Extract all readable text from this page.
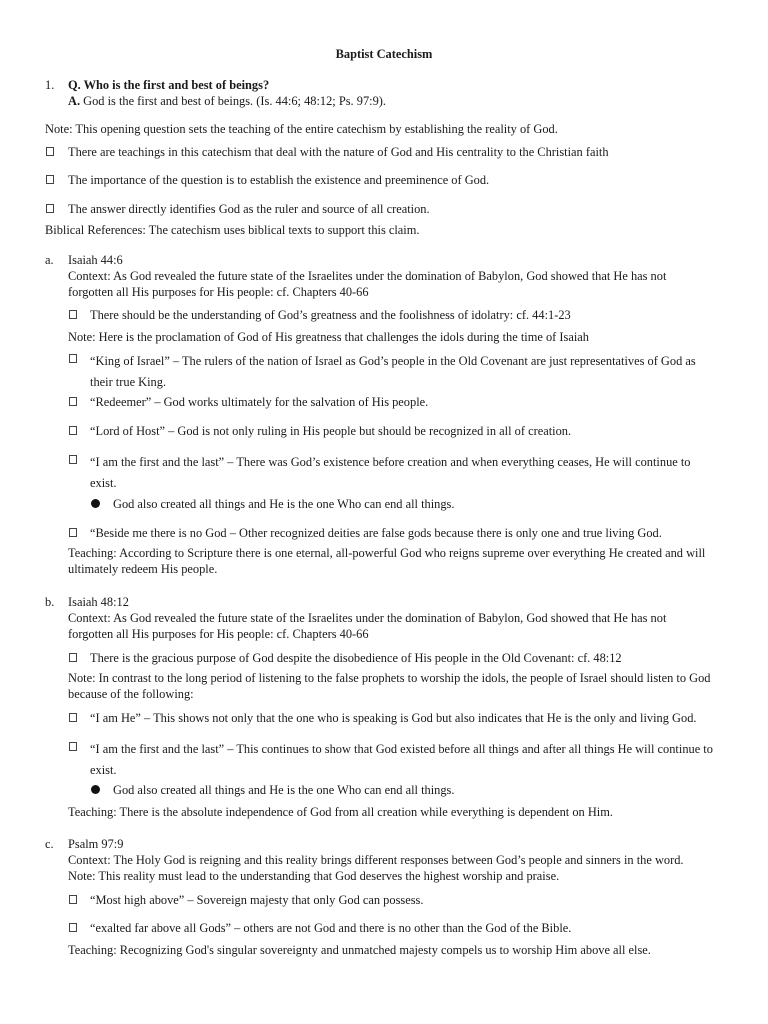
Baptist Catechism
1. Q. Who is the first and best of beings?
A. God is the first and best of beings. (Is. 44:6; 48:12; Ps. 97:9).
Note: This opening question sets the teaching of the entire catechism by establishing the reality of God.
There are teachings in this catechism that deal with the nature of God and His centrality to the Christian faith
The importance of the question is to establish the existence and preeminence of God.
The answer directly identifies God as the ruler and source of all creation.
Biblical References: The catechism uses biblical texts to support this claim.
a. Isaiah 44:6
Context: As God revealed the future state of the Israelites under the domination of Babylon, God showed that He has not forgotten all His purposes for His people: cf. Chapters 40-66
There should be the understanding of God’s greatness and the foolishness of idolatry: cf. 44:1-23
Note: Here is the proclamation of God of His greatness that challenges the idols during the time of Isaiah
“King of Israel” – The rulers of the nation of Israel as God’s people in the Old Covenant are just representatives of God as their true King.
“Redeemer” – God works ultimately for the salvation of His people.
“Lord of Host” – God is not only ruling in His people but should be recognized in all of creation.
“I am the first and the last” – There was God’s existence before creation and when everything ceases, He will continue to exist.
God also created all things and He is the one Who can end all things.
“Beside me there is no God – Other recognized deities are false gods because there is only one and true living God.
Teaching: According to Scripture there is one eternal, all-powerful God who reigns supreme over everything He created and will ultimately redeem His people.
b. Isaiah 48:12
Context: As God revealed the future state of the Israelites under the domination of Babylon, God showed that He has not forgotten all His purposes for His people: cf. Chapters 40-66
There is the gracious purpose of God despite the disobedience of His people in the Old Covenant: cf. 48:12
Note: In contrast to the long period of listening to the false prophets to worship the idols, the people of Israel should listen to God because of the following:
“I am He” – This shows not only that the one who is speaking is God but also indicates that He is the only and living God.
“I am the first and the last” – This continues to show that God existed before all things and after all things He will continue to exist.
God also created all things and He is the one Who can end all things.
Teaching: There is the absolute independence of God from all creation while everything is dependent on Him.
c. Psalm 97:9
Context: The Holy God is reigning and this reality brings different responses between God’s people and sinners in the word.
Note: This reality must lead to the understanding that God deserves the highest worship and praise.
“Most high above” – Sovereign majesty that only God can possess.
“exalted far above all Gods” – others are not God and there is no other than the God of the Bible.
Teaching: Recognizing God's singular sovereignty and unmatched majesty compels us to worship Him above all else.
